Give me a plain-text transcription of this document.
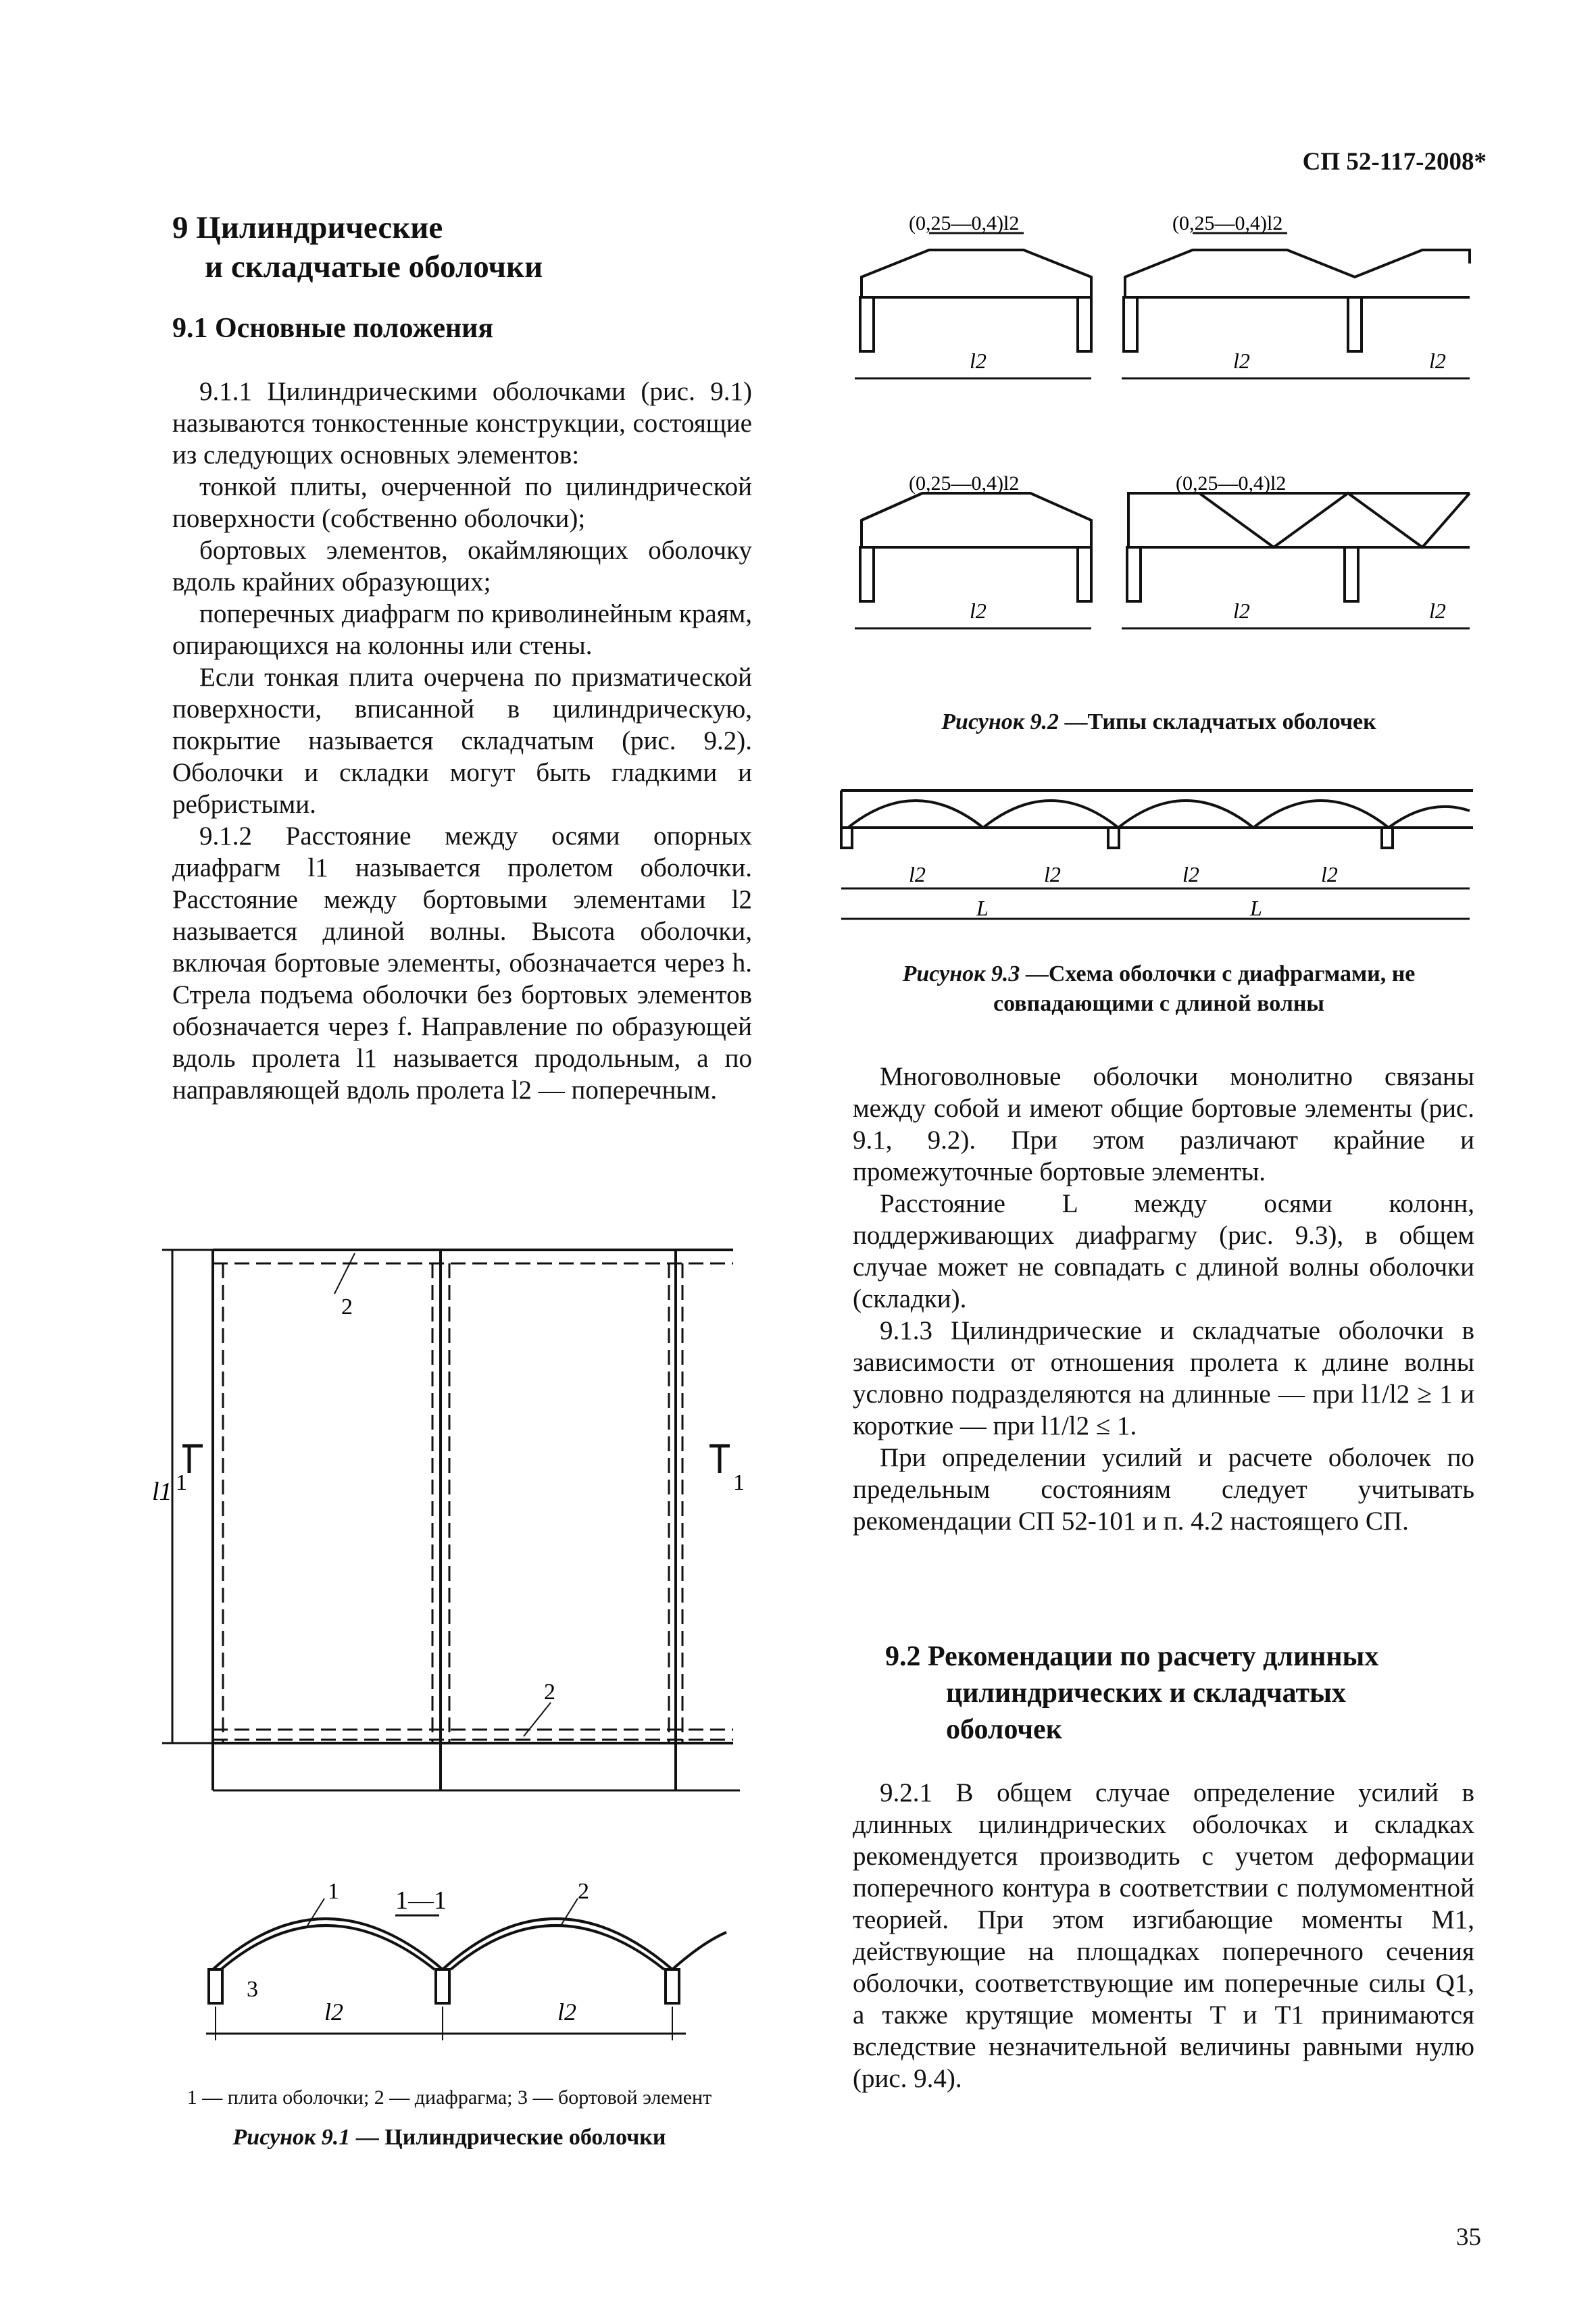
СП 52-117-2008*
9 Цилиндрические
и складчатые оболочки
9.1 Основные положения
9.1.1 Цилиндрическими оболочками (рис. 9.1) называются тонкостенные конструкции, состоящие из следующих основных элементов:
тонкой плиты, очерченной по цилиндрической поверхности (собственно оболочки);
бортовых элементов, окаймляющих оболочку вдоль крайних образующих;
поперечных диафрагм по криволинейным краям, опирающихся на колонны или стены.
Если тонкая плита очерчена по призматической поверхности, вписанной в цилиндрическую, покрытие называется складчатым (рис. 9.2). Оболочки и складки могут быть гладкими и ребристыми.
9.1.2 Расстояние между осями опорных диафрагм l1 называется пролетом оболочки. Расстояние между бортовыми элементами l2 называется длиной волны. Высота оболочки, включая бортовые элементы, обозначается через h. Стрела подъема оболочки без бортовых элементов обозначается через f. Направление по образующей вдоль пролета l1 называется продольным, а по направляющей вдоль пролета l2 — поперечным.
2
2
1	1
l1
1—1
1	2
3
l2	l2
1 — плита оболочки; 2 — диафрагма; 3 — бортовой элемент
Рисунок 9.1 — Цилиндрические оболочки
(0,25—0,4)l2	(0,25—0,4)l2
(0,25—0,4)l2	(0,25—0,4)l2
l2	l2	l2
l2	l2	l2
Рисунок 9.2 —Типы складчатых оболочек
l2	l2	l2	l2
L	L
Рисунок 9.3 —Схема оболочки с диафрагмами, не
совпадающими с длиной волны
Многоволновые оболочки монолитно связаны между собой и имеют общие бортовые элементы (рис. 9.1, 9.2). При этом различают крайние и промежуточные бортовые элементы.
Расстояние L между осями колонн, поддерживающих диафрагму (рис. 9.3), в общем случае может не совпадать с длиной волны оболочки (складки).
9.1.3 Цилиндрические и складчатые оболочки в зависимости от отношения пролета к длине волны условно подразделяются на длинные — при l1/l2 ≥ 1 и короткие — при l1/l2 ≤ 1.
При определении усилий и расчете оболочек по предельным состояниям следует учитывать рекомендации СП 52-101 и п. 4.2 настоящего СП.
9.2 Рекомендации по расчету длинных
цилиндрических и складчатых
оболочек
9.2.1 В общем случае определение усилий в длинных цилиндрических оболочках и складках рекомендуется производить с учетом деформации поперечного контура в соответствии с полумоментной теорией. При этом изгибающие моменты M1, действующие на площадках поперечного сечения оболочки, соответствующие им поперечные силы Q1, а также крутящие моменты T и T1 принимаются вследствие незначительной величины равными нулю (рис. 9.4).
35
